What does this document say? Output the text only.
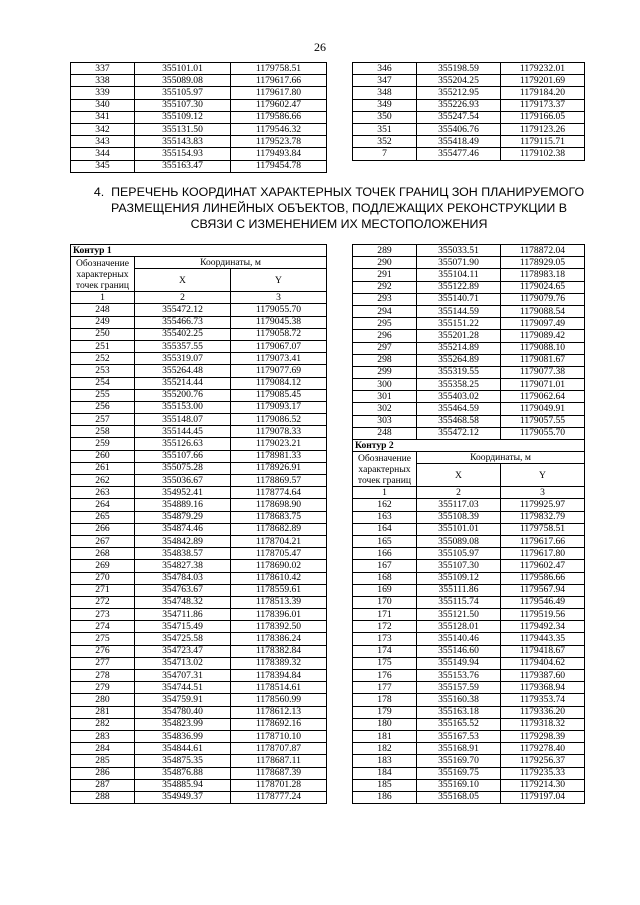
26
337	355101.01	1179758.51
338	355089.08	1179617.66
339	355105.97	1179617.80
340	355107.30	1179602.47
341	355109.12	1179586.66
342	355131.50	1179546.32
343	355143.83	1179523.78
344	355154.93	1179493.84
345	355163.47	1179454.78
346	355198.59	1179232.01
347	355204.25	1179201.69
348	355212.95	1179184.20
349	355226.93	1179173.37
350	355247.54	1179166.05
351	355406.76	1179123.26
352	355418.49	1179115.71
7	355477.46	1179102.38
4. ПЕРЕЧЕНЬ КООРДИНАТ ХАРАКТЕРНЫХ ТОЧЕК ГРАНИЦ ЗОН ПЛАНИРУЕМОГО
РАЗМЕЩЕНИЯ ЛИНЕЙНЫХ ОБЪЕКТОВ, ПОДЛЕЖАЩИХ РЕКОНСТРУКЦИИ В
СВЯЗИ С ИЗМЕНЕНИЕМ ИХ МЕСТОПОЛОЖЕНИЯ
Контур 1		
Обозначение характерных точек границ	Координаты, м	
	X	Y
1	2	3
248	355472.12	1179055.70
249	355466.73	1179045.38
250	355402.25	1179058.72
251	355357.55	1179067.07
252	355319.07	1179073.41
253	355264.48	1179077.69
254	355214.44	1179084.12
255	355200.76	1179085.45
256	355153.00	1179093.17
257	355148.07	1179086.52
258	355144.45	1179078.33
259	355126.63	1179023.21
260	355107.66	1178981.33
261	355075.28	1178926.91
262	355036.67	1178869.57
263	354952.41	1178774.64
264	354889.16	1178698.90
265	354879.29	1178683.75
266	354874.46	1178682.89
267	354842.89	1178704.21
268	354838.57	1178705.47
269	354827.38	1178690.02
270	354784.03	1178610.42
271	354763.67	1178559.61
272	354748.32	1178513.39
273	354711.86	1178396.01
274	354715.49	1178392.50
275	354725.58	1178386.24
276	354723.47	1178382.84
277	354713.02	1178389.32
278	354707.31	1178394.84
279	354744.51	1178514.61
280	354759.91	1178560.99
281	354780.40	1178612.13
282	354823.99	1178692.16
283	354836.99	1178710.10
284	354844.61	1178707.87
285	354875.35	1178687.11
286	354876.88	1178687.39
287	354885.94	1178701.28
288	354949.37	1178777.24
289	355033.51	1178872.04
290	355071.90	1178929.05
291	355104.11	1178983.18
292	355122.89	1179024.65
293	355140.71	1179079.76
294	355144.59	1179088.54
295	355151.22	1179097.49
296	355201.28	1179089.42
297	355214.89	1179088.10
298	355264.89	1179081.67
299	355319.55	1179077.38
300	355358.25	1179071.01
301	355403.02	1179062.64
302	355464.59	1179049.91
303	355468.58	1179057.55
248	355472.12	1179055.70
Контур 2		
Обозначение характерных точек границ	Координаты, м	
	X	Y
1	2	3
162	355117.03	1179925.97
163	355108.39	1179832.79
164	355101.01	1179758.51
165	355089.08	1179617.66
166	355105.97	1179617.80
167	355107.30	1179602.47
168	355109.12	1179586.66
169	355111.86	1179567.94
170	355115.74	1179546.49
171	355121.50	1179519.56
172	355128.01	1179492.34
173	355140.46	1179443.35
174	355146.60	1179418.67
175	355149.94	1179404.62
176	355153.76	1179387.60
177	355157.59	1179368.94
178	355160.38	1179353.74
179	355163.18	1179336.20
180	355165.52	1179318.32
181	355167.53	1179298.39
182	355168.91	1179278.40
183	355169.70	1179256.37
184	355169.75	1179235.33
185	355169.10	1179214.30
186	355168.05	1179197.04
